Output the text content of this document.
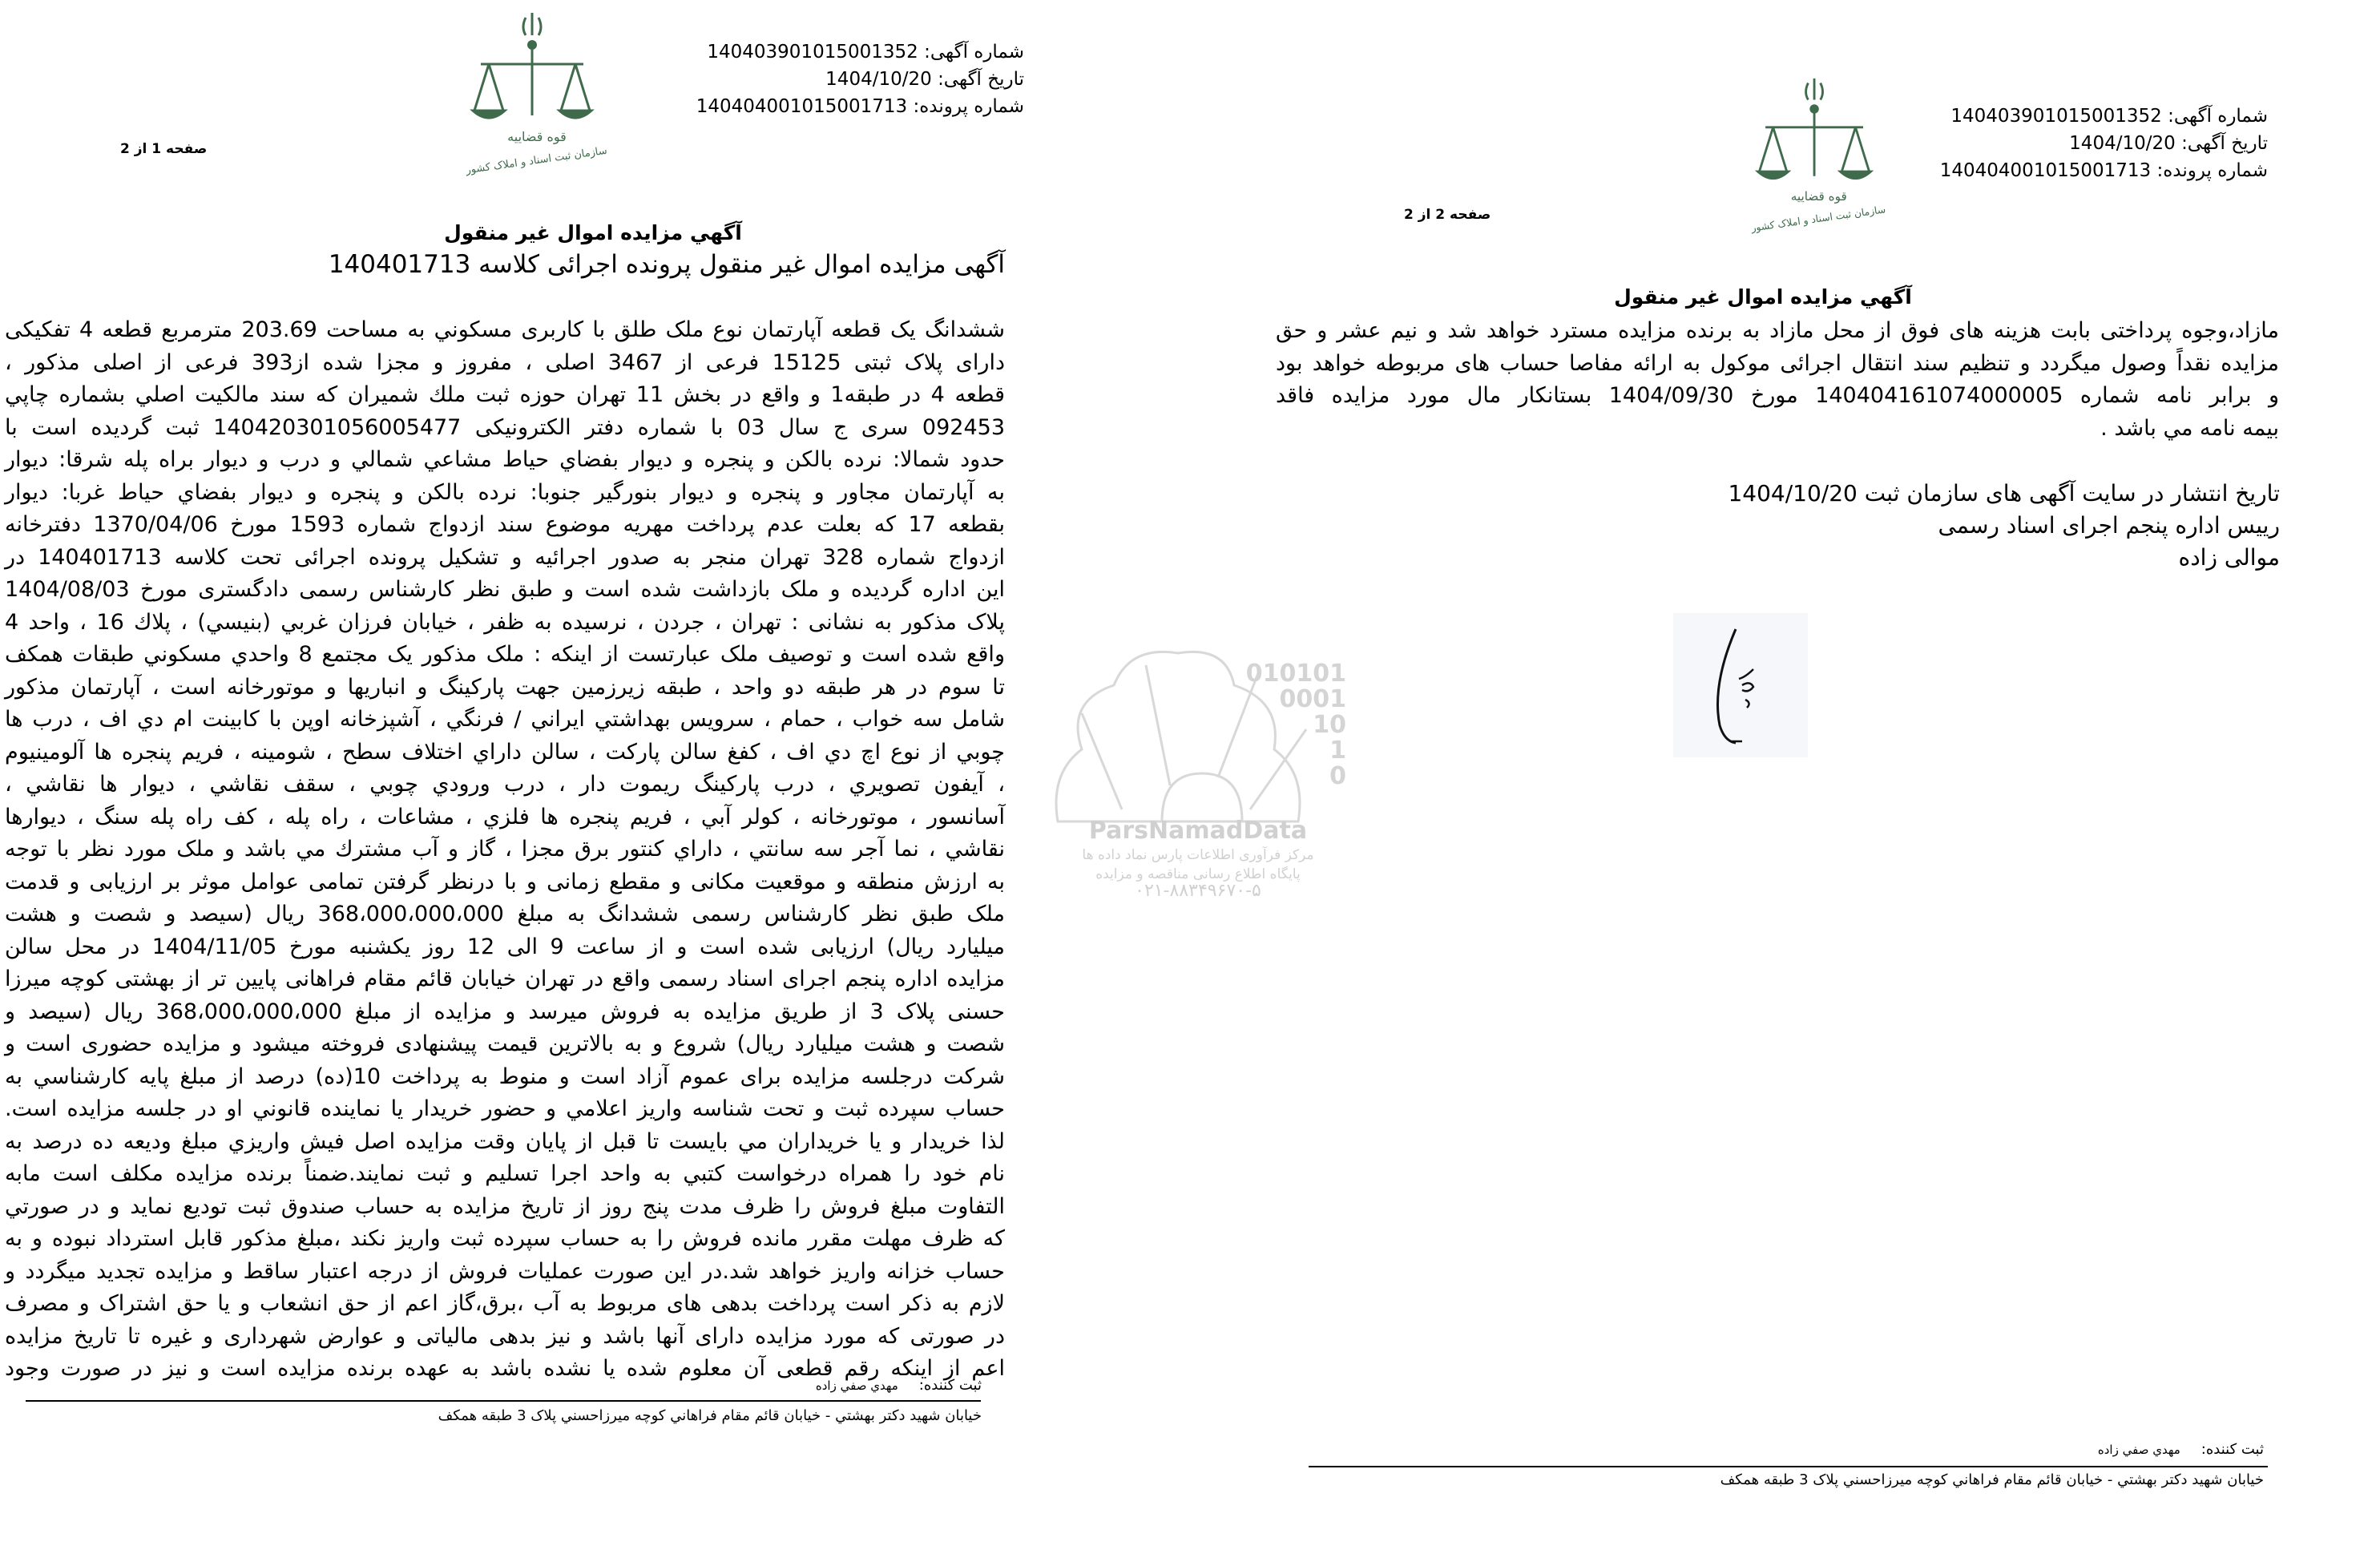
قوه قضاییه
سازمان ثبت اسناد و املاک کشور
شماره آگهی: 140403901015001352
تاریخ آگهی: 1404/10/20
شماره پرونده: 140404001015001713
صفحه 1 از 2
آگهي مزايده اموال غير منقول
آگهی مزایده اموال غیر منقول پرونده اجرائی کلاسه 140401713
ششدانگ یک قطعه آپارتمان نوع ملک طلق با کاربری مسکوني به مساحت 203.69 مترمربع قطعه 4 تفکیکی
دارای پلاک ثبتی 15125 فرعی از 3467 اصلی ، مفروز و مجزا شده از393 فرعی از اصلی مذکور ،
قطعه 4 در طبقه1 و واقع در بخش 11 تهران حوزه ثبت ملك شميران که سند مالکيت اصلي بشماره چاپي
092453 سری ج سال 03 با شماره دفتر الکترونیکی 140420301056005477 ثبت گردیده است با
حدود شمالا: نرده بالكن و پنجره و ديوار بفضاي حياط مشاعي شمالي و درب و ديوار براه پله شرقا: ديوار
به آپارتمان مجاور و پنجره و ديوار بنورگير جنوبا: نرده بالكن و پنجره و ديوار بفضاي حياط غربا: ديوار
بقطعه 17 که بعلت عدم پرداخت مهریه موضوع سند ازدواج شماره 1593 مورخ 1370/04/06 دفترخانه
ازدواج شماره 328 تهران منجر به صدور اجرائیه و تشکیل پرونده اجرائی تحت کلاسه 140401713 در
این اداره گردیده و ملک بازداشت شده است و طبق نظر کارشناس رسمی دادگستری مورخ 1404/08/03
پلاک مذکور به نشانی : تهران ، جردن ، نرسیده به ظفر ، خيابان فرزان غربي (بنيسي) ، پلاك 16 ، واحد 4
واقع شده است و توصیف ملک عبارتست از اینکه : ملک مذکور یک مجتمع 8 واحدي مسكوني طبقات همكف
تا سوم در هر طبقه دو واحد ، طبقه زیرزمین جهت پارکینگ و انباریها و موتورخانه است ، آپارتمان مذکور
شامل سه خواب ، حمام ، سرويس بهداشتي ايراني / فرنگي ، آشپزخانه اوپن با كابينت ام دي اف ، درب ها
چوبي از نوع اچ دي اف ، كفغ سالن پاركت ، سالن داراي اختلاف سطح ، شومينه ، فريم پنجره ها آلومينيوم
، آيفون تصويري ، درب پاركينگ ريموت دار ، درب ورودي چوبي ، سقف نقاشي ، ديوار ها نقاشي ،
آسانسور ، موتورخانه ، كولر آبي ، فريم پنجره ها فلزي ، مشاعات ، راه پله ، كف راه پله سنگ ، ديوارها
نقاشي ، نما آجر سه سانتي ، داراي كنتور برق مجزا ، گاز و آب مشترك مي باشد و ملک مورد نظر با توجه
به ارزش منطقه و موقعیت مکانی و مقطع زمانی و با درنظر گرفتن تمامی عوامل موثر بر ارزیابی و قدمت
ملک طبق نظر کارشناس رسمی ششدانگ به مبلغ 368،000،000،000 ریال (سیصد و شصت و هشت
میلیارد ریال) ارزیابی شده است و از ساعت 9 الی 12 روز یکشنبه مورخ 1404/11/05 در محل سالن
مزایده اداره پنجم اجرای اسناد رسمی واقع در تهران خیابان قائم مقام فراهانی پایین تر از بهشتی کوچه میرزا
حسنی پلاک 3 از طریق مزایده به فروش میرسد و مزایده از مبلغ 368،000،000،000 ریال (سیصد و
شصت و هشت میلیارد ریال) شروع و به بالاترین قیمت پیشنهادی فروخته میشود و مزایده حضوری است و
شرکت درجلسه مزایده برای عموم آزاد است و منوط به پرداخت 10(ده) درصد از مبلغ پایه کارشناسي به
حساب سپرده ثبت و تحت شناسه واریز اعلامي و حضور خريدار يا نماينده قانوني او در جلسه مزايده است.
لذا خريدار و يا خريداران مي بايست تا قبل از پايان وقت مزايده اصل فيش واريزي مبلغ وديعه ده درصد به
نام خود را همراه درخواست كتبي به واحد اجرا تسليم و ثبت نمايند.ضمناً برنده مزايده مكلف است مابه
التفاوت مبلغ فروش را ظرف مدت پنج روز از تاريخ مزايده به حساب صندوق ثبت توديع نمايد و در صورتي
كه ظرف مهلت مقرر مانده فروش را به حساب سپرده ثبت واريز نكند ،مبلغ مذكور قابل استرداد نبوده و به
حساب خزانه واريز خواهد شد.در اين صورت عمليات فروش از درجه اعتبار ساقط و مزايده تجديد ميگردد و
لازم به ذکر است پرداخت بدهی های مربوط به آب ،برق،گاز اعم از حق انشعاب و یا حق اشتراک و مصرف
در صورتی که مورد مزایده دارای آنها باشد و نیز بدهی مالیاتی و عوارض شهرداری و غیره تا تاریخ مزایده
اعم از اینکه رقم قطعی آن معلوم شده یا نشده باشد به عهده برنده مزایده است و نیز در صورت وجود
ثبت کننده:مهدي صفي زاده
خيابان شهيد دكتر بهشتي - خيابان قائم مقام فراهاني كوچه ميرزاحسني پلاک 3 طبقه همكف
010101
0001
10
1
0
ParsNamadData
مرکز فرآوری اطلاعات پارس نماد داده ها
پایگاه اطلاع رسانی مناقصه و مزایده
۰۲۱-۸۸۳۴۹۶۷۰-۵
قوه قضاییه
سازمان ثبت اسناد و املاک کشور
شماره آگهی: 140403901015001352
تاریخ آگهی: 1404/10/20
شماره پرونده: 140404001015001713
صفحه 2 از 2
آگهي مزايده اموال غير منقول
مازاد،وجوه پرداختی بابت هزینه های فوق از محل مازاد به برنده مزایده مسترد خواهد شد و نیم عشر و حق
مزایده نقداً وصول میگردد و تنظیم سند انتقال اجرائی موکول به ارائه مفاصا حساب های مربوطه خواهد بود
و برابر نامه شماره 140404161074000005 مورخ 1404/09/30 بستانکار مال مورد مزایده فاقد
بیمه نامه مي باشد .
تاریخ انتشار در سایت آگهی های سازمان ثبت 1404/10/20
رییس اداره پنجم اجرای اسناد رسمی
موالی زاده
ثبت کننده:مهدي صفي زاده
خيابان شهيد دكتر بهشتي - خيابان قائم مقام فراهاني كوچه ميرزاحسني پلاک 3 طبقه همكف
